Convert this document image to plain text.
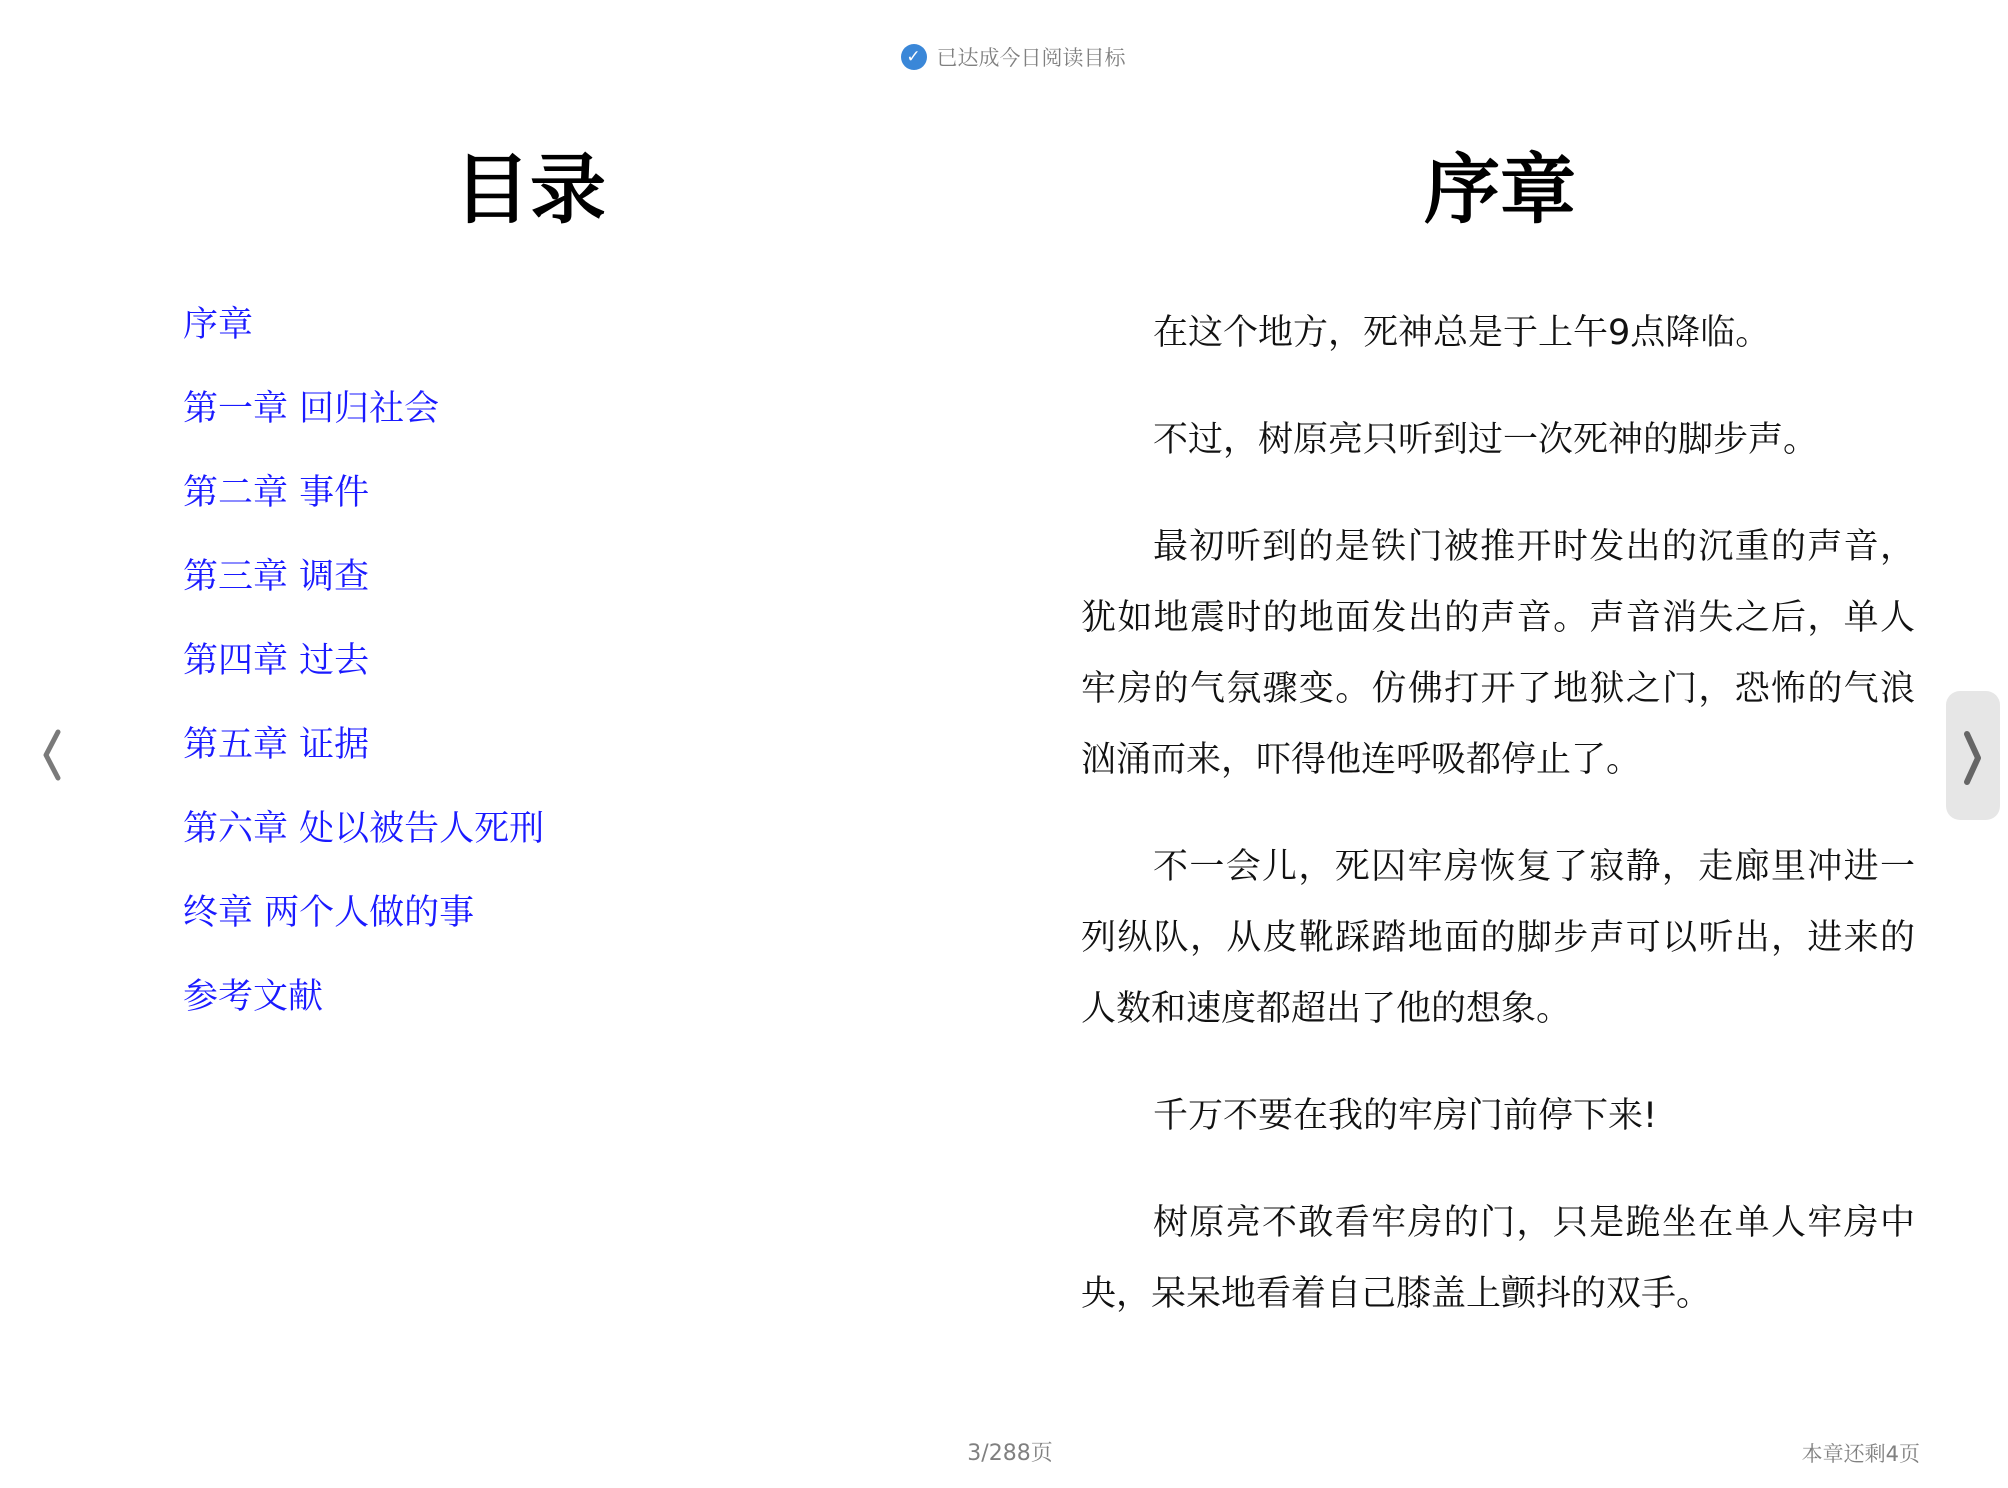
✓ 已达成今日阅读目标
目录
序章
第一章 回归社会
第二章 事件
第三章 调查
第四章 过去
第五章 证据
第六章 处以被告人死刑
终章 两个人做的事
参考文献
序章

在这个地方，死神总是于上午9点降临。

不过，树原亮只听到过一次死神的脚步声。

最初听到的是铁门被推开时发出的沉重的声音，犹如地震时的地面发出的声音。声音消失之后，单人牢房的气氛骤变。仿佛打开了地狱之门，恐怖的气浪汹涌而来，吓得他连呼吸都停止了。

不一会儿，死囚牢房恢复了寂静，走廊里冲进一列纵队，从皮靴踩踏地面的脚步声可以听出，进来的人数和速度都超出了他的想象。

千万不要在我的牢房门前停下来!

树原亮不敢看牢房的门，只是跪坐在单人牢房中央，呆呆地看着自己膝盖上颤抖的双手。

3/288页	本章还剩4页
